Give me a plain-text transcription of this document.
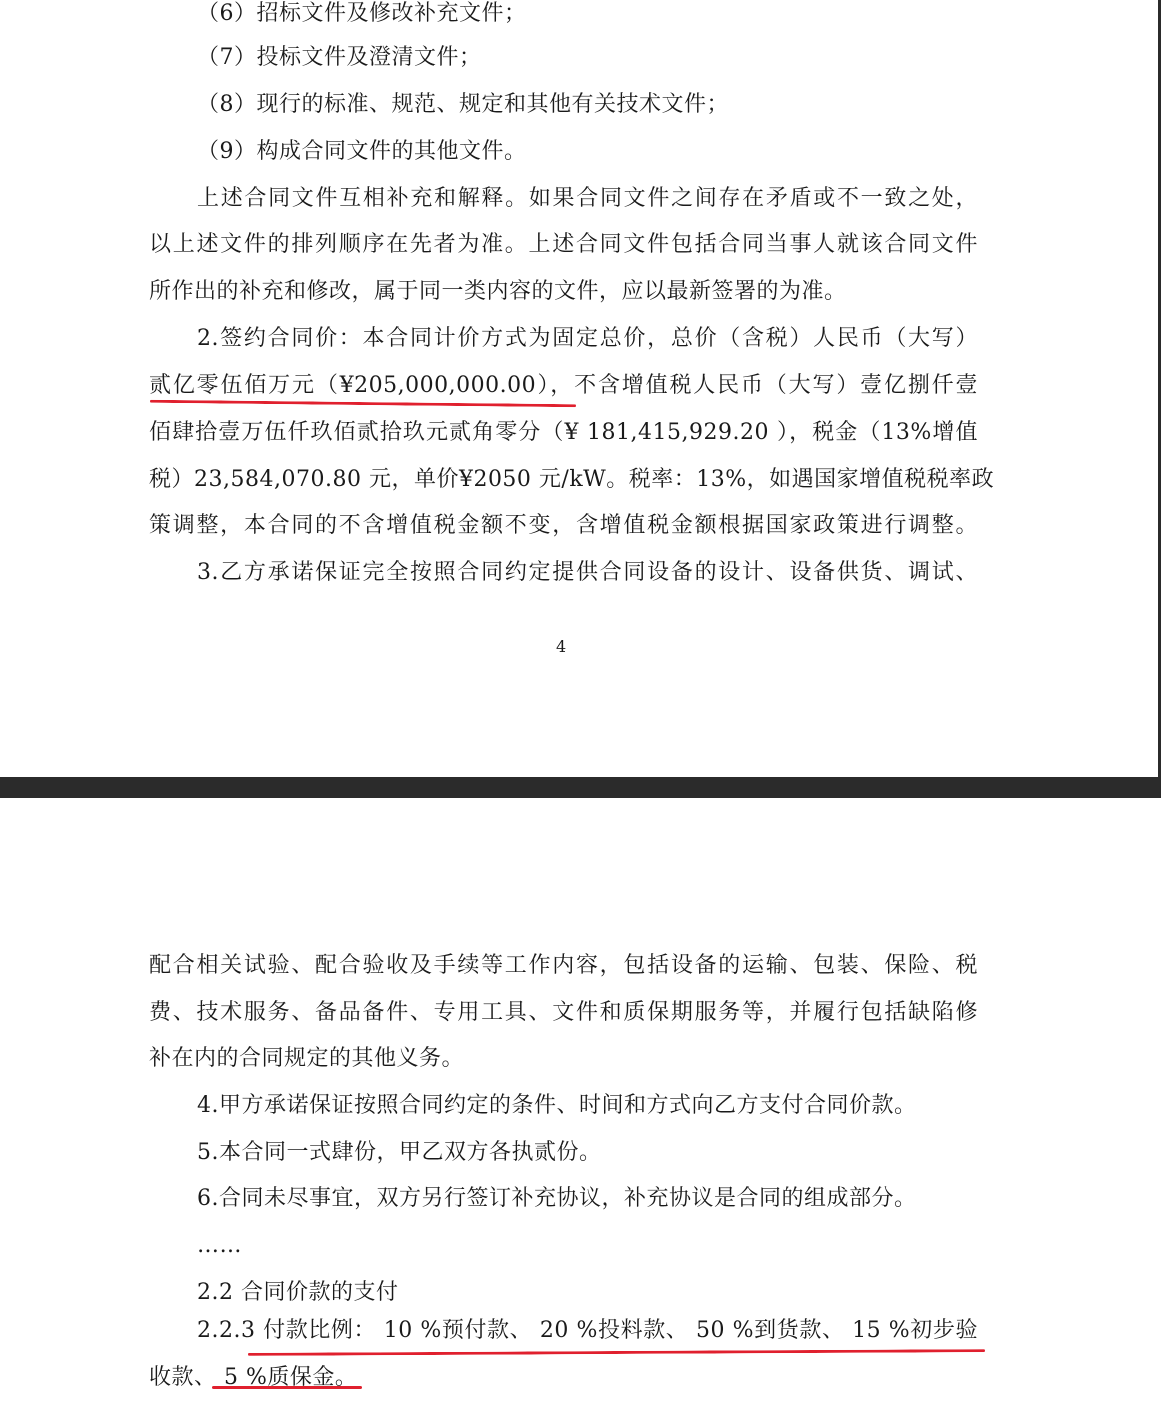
（6）招标文件及修改补充文件；
（7）投标文件及澄清文件；
（8）现行的标准、规范、规定和其他有关技术文件；
（9）构成合同文件的其他文件。
上述合同文件互相补充和解释。如果合同文件之间存在矛盾或不一致之处，
以上述文件的排列顺序在先者为准。上述合同文件包括合同当事人就该合同文件
所作出的补充和修改，属于同一类内容的文件，应以最新签署的为准。
2.签约合同价：本合同计价方式为固定总价，总价（含税）人民币（大写）
贰亿零伍佰万元（¥205,000,000.00），不含增值税人民币（大写）壹亿捌仟壹
佰肆拾壹万伍仟玖佰贰拾玖元贰角零分（¥ 181,415,929.20 ），税金（13%增值
税）23,584,070.80 元，单价¥2050 元/kW。税率：13%，如遇国家增值税税率政
策调整，本合同的不含增值税金额不变，含增值税金额根据国家政策进行调整。
3.乙方承诺保证完全按照合同约定提供合同设备的设计、设备供货、调试、
4
配合相关试验、配合验收及手续等工作内容，包括设备的运输、包装、保险、税
费、技术服务、备品备件、专用工具、文件和质保期服务等，并履行包括缺陷修
补在内的合同规定的其他义务。
4.甲方承诺保证按照合同约定的条件、时间和方式向乙方支付合同价款。
5.本合同一式肆份，甲乙双方各执贰份。
6.合同未尽事宜，双方另行签订补充协议，补充协议是合同的组成部分。
……
2.2 合同价款的支付
2.2.3 付款比例： 10 %预付款、 20 %投料款、 50 %到货款、 15 %初步验
收款、 5 %质保金。
